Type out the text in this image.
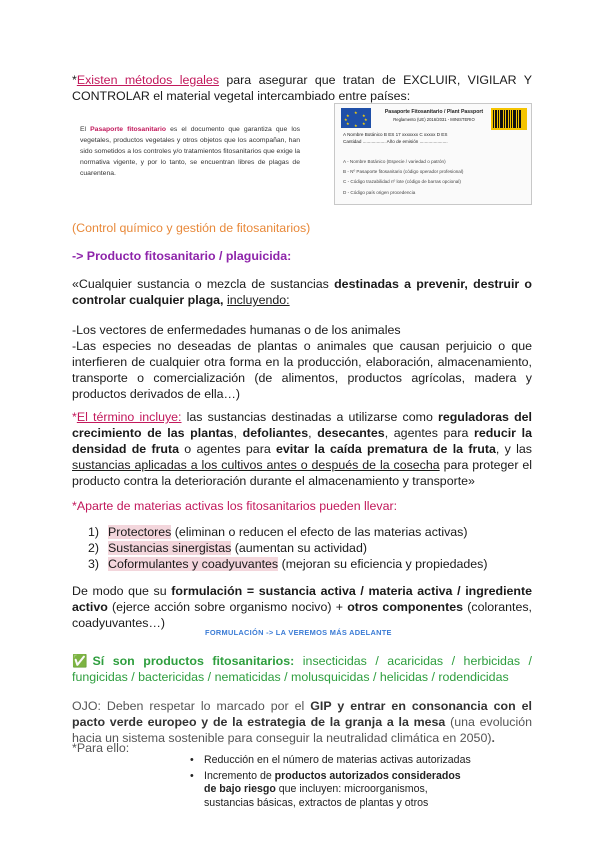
*Existen métodos legales para asegurar que tratan de EXCLUIR, VIGILAR Y CONTROLAR el material vegetal intercambiado entre países:
El Pasaporte fitosanitario es el documento que garantiza que los vegetales, productos vegetales y otros objetos que los acompañan, han sido sometidos a los controles y/o tratamientos fitosanitarios que exige la normativa vigente, y por lo tanto, se encuentran libres de plagas de cuarentena.
★
★	★
★	★
★	★
★
Pasaporte Fitosanitario / Plant Passport
Reglamento (UE) 2016/2031 - MINISTERIO
A Nombre Botánico B ES 17 xxxxxxx C xxxxx D ES
Cantidad .................. Año de emisión ......................
A - Nombre Botánico (Especie / variedad o patrón)
B - Nº Pasaporte fitosanitario (código operador profesional)
C - Código trazabilidad nº lote (código de barras opcional)
D - Código país origen procedencia
(Control químico y gestión de fitosanitarios)
-> Producto fitosanitario / plaguicida:
«Cualquier sustancia o mezcla de sustancias destinadas a prevenir, destruir o controlar cualquier plaga, incluyendo:
-Los vectores de enfermedades humanas o de los animales
-Las especies no deseadas de plantas o animales que causan perjuicio o que interfieren de cualquier otra forma en la producción, elaboración, almacenamiento, transporte o comercialización (de alimentos, productos agrícolas, madera y productos derivados de ella…)
*El término incluye: las sustancias destinadas a utilizarse como reguladoras del crecimiento de las plantas, defoliantes, desecantes, agentes para reducir la densidad de fruta o agentes para evitar la caída prematura de la fruta, y las sustancias aplicadas a los cultivos antes o después de la cosecha para proteger el producto contra la deterioración durante el almacenamiento y transporte»
*Aparte de materias activas los fitosanitarios pueden llevar:
1) Protectores (eliminan o reducen el efecto de las materias activas)
2) Sustancias sinergistas (aumentan su actividad)
3) Coformulantes y coadyuvantes (mejoran su eficiencia y propiedades)
De modo que su formulación = sustancia activa / materia activa / ingrediente activo (ejerce acción sobre organismo nocivo) + otros componentes (colorantes, coadyuvantes…)
FORMULACIÓN -> LA VEREMOS MÁS ADELANTE
✅Sí son productos fitosanitarios: insecticidas / acaricidas / herbicidas / fungicidas / bactericidas / nematicidas / molusquicidas / helicidas / rodendicidas
OJO: Deben respetar lo marcado por el GIP y entrar en consonancia con el pacto verde europeo y de la estrategia de la granja a la mesa (una evolución hacia un sistema sostenible para conseguir la neutralidad climática en 2050).
*Para ello:
• Reducción en el número de materias activas autorizadas
• Incremento de productos autorizados considerados de bajo riesgo que incluyen: microorganismos, sustancias básicas, extractos de plantas y otros
